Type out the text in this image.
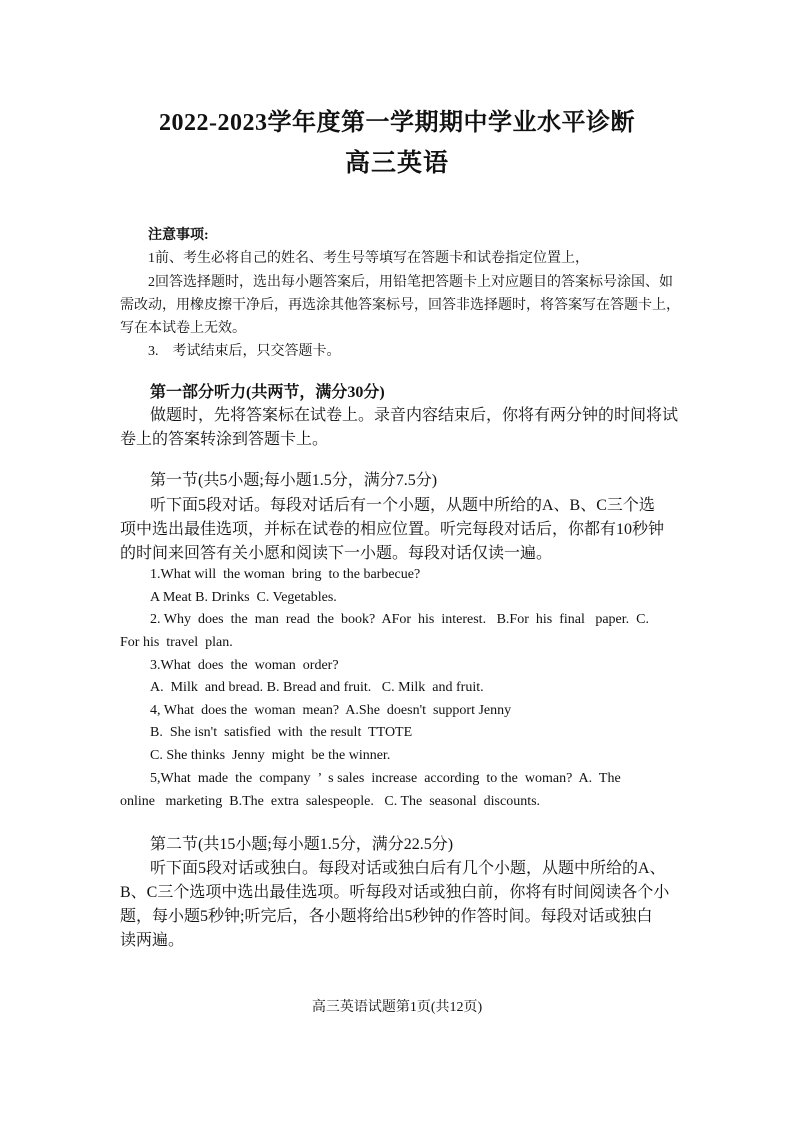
2022-2023学年度第一学期期中学业水平诊断
高三英语
注意事项:
1前、考生必将自己的姓名、考生号等填写在答题卡和试卷指定位置上，
2回答选择题时，选出每小题答案后，用铅笔把答题卡上对应题目的答案标号涂国、如
需改动，用橡皮擦干净后，再选涂其他答案标号，回答非选择题时，将答案写在答题卡上，
写在本试卷上无效。
3.    考试结束后，只交答题卡。
第一部分听力(共两节，满分30分)
做题时，先将答案标在试卷上。录音内容结束后，你将有两分钟的时间将试
卷上的答案转涂到答题卡上。
第一节(共5小题;每小题1.5分，满分7.5分)
听下面5段对话。每段对话后有一个小题，从题中所给的A、B、C三个选
项中选出最佳选项，并标在试卷的相应位置。听完每段对话后，你都有10秒钟
的时间来回答有关小愿和阅读下一小题。每段对话仅读一遍。
1.What will  the woman  bring  to the barbecue?
A Meat B. Drinks  C. Vegetables.
2. Why  does  the  man  read  the  book?  AFor  his  interest.   B.For  his  final   paper.  C.
For his  travel  plan.
3.What  does  the  woman  order?
A.  Milk  and bread. B. Bread and fruit.   C. Milk  and fruit.
4, What  does the  woman  mean?  A.She  doesn't  support Jenny
B.  She isn't  satisfied  with  the result  TTOTE
C. She thinks  Jenny  might  be the winner.
5,What  made  the  company  ’  s sales  increase  according  to the  woman?  A.  The
online   marketing  B.The  extra  salespeople.   C. The  seasonal  discounts.
第二节(共15小题;每小题1.5分，满分22.5分)
听下面5段对话或独白。每段对话或独白后有几个小题，从题中所给的A、
B、C三个选项中选出最佳选项。听每段对话或独白前，你将有时间阅读各个小
题，每小题5秒钟;听完后，各小题将给出5秒钟的作答时间。每段对话或独白
读两遍。
高三英语试题第1页(共12页)
